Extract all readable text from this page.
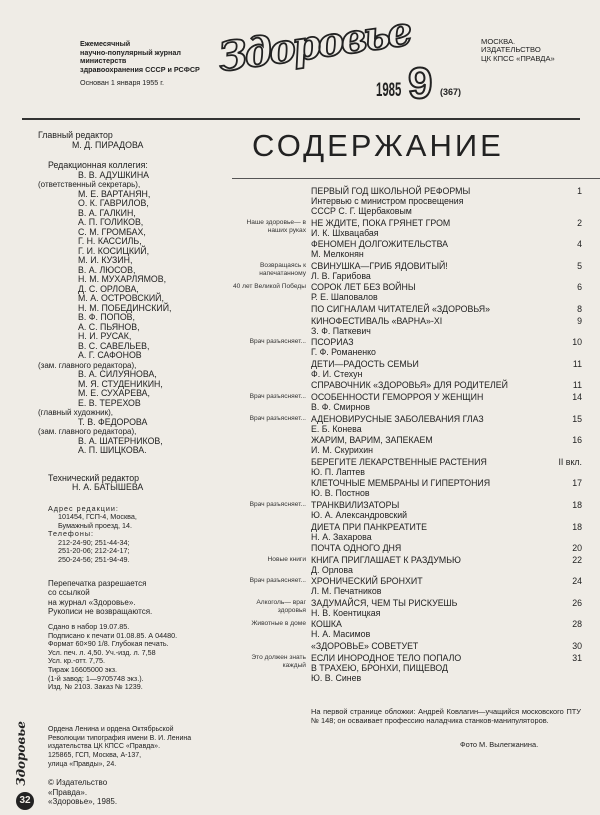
Ежемесячный
научно-популярный журнал
министерств
здравоохранения СССР и РСФСР
Основан 1 января 1955 г.
Здоровье
1985 9 (367)
МОСКВА.
ИЗДАТЕЛЬСТВО
ЦК КПСС «ПРАВДА»
Главный редактор
М. Д. ПИРАДОВА
Редакционная коллегия:
В. В. АДУШКИНА
(ответственный секретарь),
М. Е. ВАРТАНЯН,
О. К. ГАВРИЛОВ,
В. А. ГАЛКИН,
А. П. ГОЛИКОВ,
С. М. ГРОМБАХ,
Г. Н. КАССИЛЬ,
Г. И. КОСИЦКИЙ,
М. И. КУЗИН,
В. А. ЛЮСОВ,
Н. М. МУХАРЛЯМОВ,
Д. С. ОРЛОВА,
М. А. ОСТРОВСКИЙ,
Н. М. ПОБЕДИНСКИЙ,
В. Ф. ПОПОВ,
А. С. ПЬЯНОВ,
Н. И. РУСАК,
В. С. САВЕЛЬЕВ,
А. Г. САФОНОВ
(зам. главного редактора),
В. А. СИЛУЯНОВА,
М. Я. СТУДЕНИКИН,
М. Е. СУХАРЕВА,
Е. В. ТЕРЕХОВ
(главный художник),
Т. В. ФЕДОРОВА
(зам. главного редактора),
В. А. ШАТЕРНИКОВ,
А. П. ШИЦКОВА.
Технический редактор
Н. А. БАТЫШЕВА
Адрес редакции:
101454, ГСП-4, Москва,
Бумажный проезд, 14.
Телефоны:
212-24-90; 251-44-34;
251-20-06; 212-24-17;
250-24-56; 251-94-49.
Перепечатка разрешается
со ссылкой
на журнал «Здоровье».
Рукописи не возвращаются.
Сдано в набор 19.07.85.
Подписано к печати 01.08.85. А 04480.
Формат 60×90 1/8. Глубокая печать.
Усл. печ. л. 4,50. Уч.-изд. л. 7,58
Усл. кр.-отт. 7,75.
Тираж 16605000 экз.
(1-й завод: 1—9705748 экз.).
Изд. № 2103. Заказ № 1239.
СОДЕРЖАНИЕ
ПЕРВЫЙ ГОД ШКОЛЬНОЙ РЕФОРМЫ
Интервью с министром просвещения
СССР С. Г. Щербаковым
1
Наше здоровье— в наших руках
НЕ ЖДИТЕ, ПОКА ГРЯНЕТ ГРОМ
И. К. Шхвацабая
2
ФЕНОМЕН ДОЛГОЖИТЕЛЬСТВА
М. Мелконян
4
Возвращаясь к напечатанному
СВИНУШКА—ГРИБ ЯДОВИТЫЙ!
Л. В. Гарибова
5
40 лет Великой Победы СОРОК ЛЕТ БЕЗ ВОЙНЫ
Р. Е. Шаповалов
6
ПО СИГНАЛАМ ЧИТАТЕЛЕЙ «ЗДОРОВЬЯ»	8
КИНОФЕСТИВАЛЬ «ВАРНА»-XI
З. Ф. Паткевич
9
Врач разъясняет... ПСОРИАЗ
Г. Ф. Романенко
10
ДЕТИ—РАДОСТЬ СЕМЬИ
Ф. И. Стехун
11
СПРАВОЧНИК «ЗДОРОВЬЯ» ДЛЯ РОДИТЕЛЕЙ	11
Врач разъясняет... ОСОБЕННОСТИ ГЕМОРРОЯ У ЖЕНЩИН
В. Ф. Смирнов
14
Врач разъясняет... АДЕНОВИРУСНЫЕ ЗАБОЛЕВАНИЯ ГЛАЗ
Е. Б. Конева
15
ЖАРИМ, ВАРИМ, ЗАПЕКАЕМ
И. М. Скурихин
16
БЕРЕГИТЕ ЛЕКАРСТВЕННЫЕ РАСТЕНИЯ
Ю. П. Лаптев
II вкл.
КЛЕТОЧНЫЕ МЕМБРАНЫ И ГИПЕРТОНИЯ
Ю. В. Постнов
17
Врач разъясняет... ТРАНКВИЛИЗАТОРЫ
Ю. А. Александровский
18
ДИЕТА ПРИ ПАНКРЕАТИТЕ
Н. А. Захарова
18
ПОЧТА ОДНОГО ДНЯ	20
Новые книги КНИГА ПРИГЛАШАЕТ К РАЗДУМЬЮ
Д. Орлова
22
Врач разъясняет... ХРОНИЧЕСКИЙ БРОНХИТ
Л. М. Печатников
24
Алкоголь— враг здоровья
ЗАДУМАЙСЯ, ЧЕМ ТЫ РИСКУЕШЬ
Н. В. Коентицкая
26
Животные в доме КОШКА
Н. А. Масимов
28
«ЗДОРОВЬЕ» СОВЕТУЕТ	30
Это должен знать каждый
ЕСЛИ ИНОРОДНОЕ ТЕЛО ПОПАЛО
В ТРАХЕЮ, БРОНХИ, ПИЩЕВОД
Ю. В. Синев
31
На первой странице обложки: Андрей Ковлагин—учащийся московского ПТУ № 148; он осваивает профессию наладчика станков-манипуляторов.
Фото М. Вылегжанина.
Ордена Ленина и ордена Октябрьской
Революции типография имени В. И. Ленина
издательства ЦК КПСС «Правда».
125865, ГСП, Москва, А-137,
улица «Правды», 24.
© Издательство
«Правда».
«Здоровье», 1985.
Здоровье
32
